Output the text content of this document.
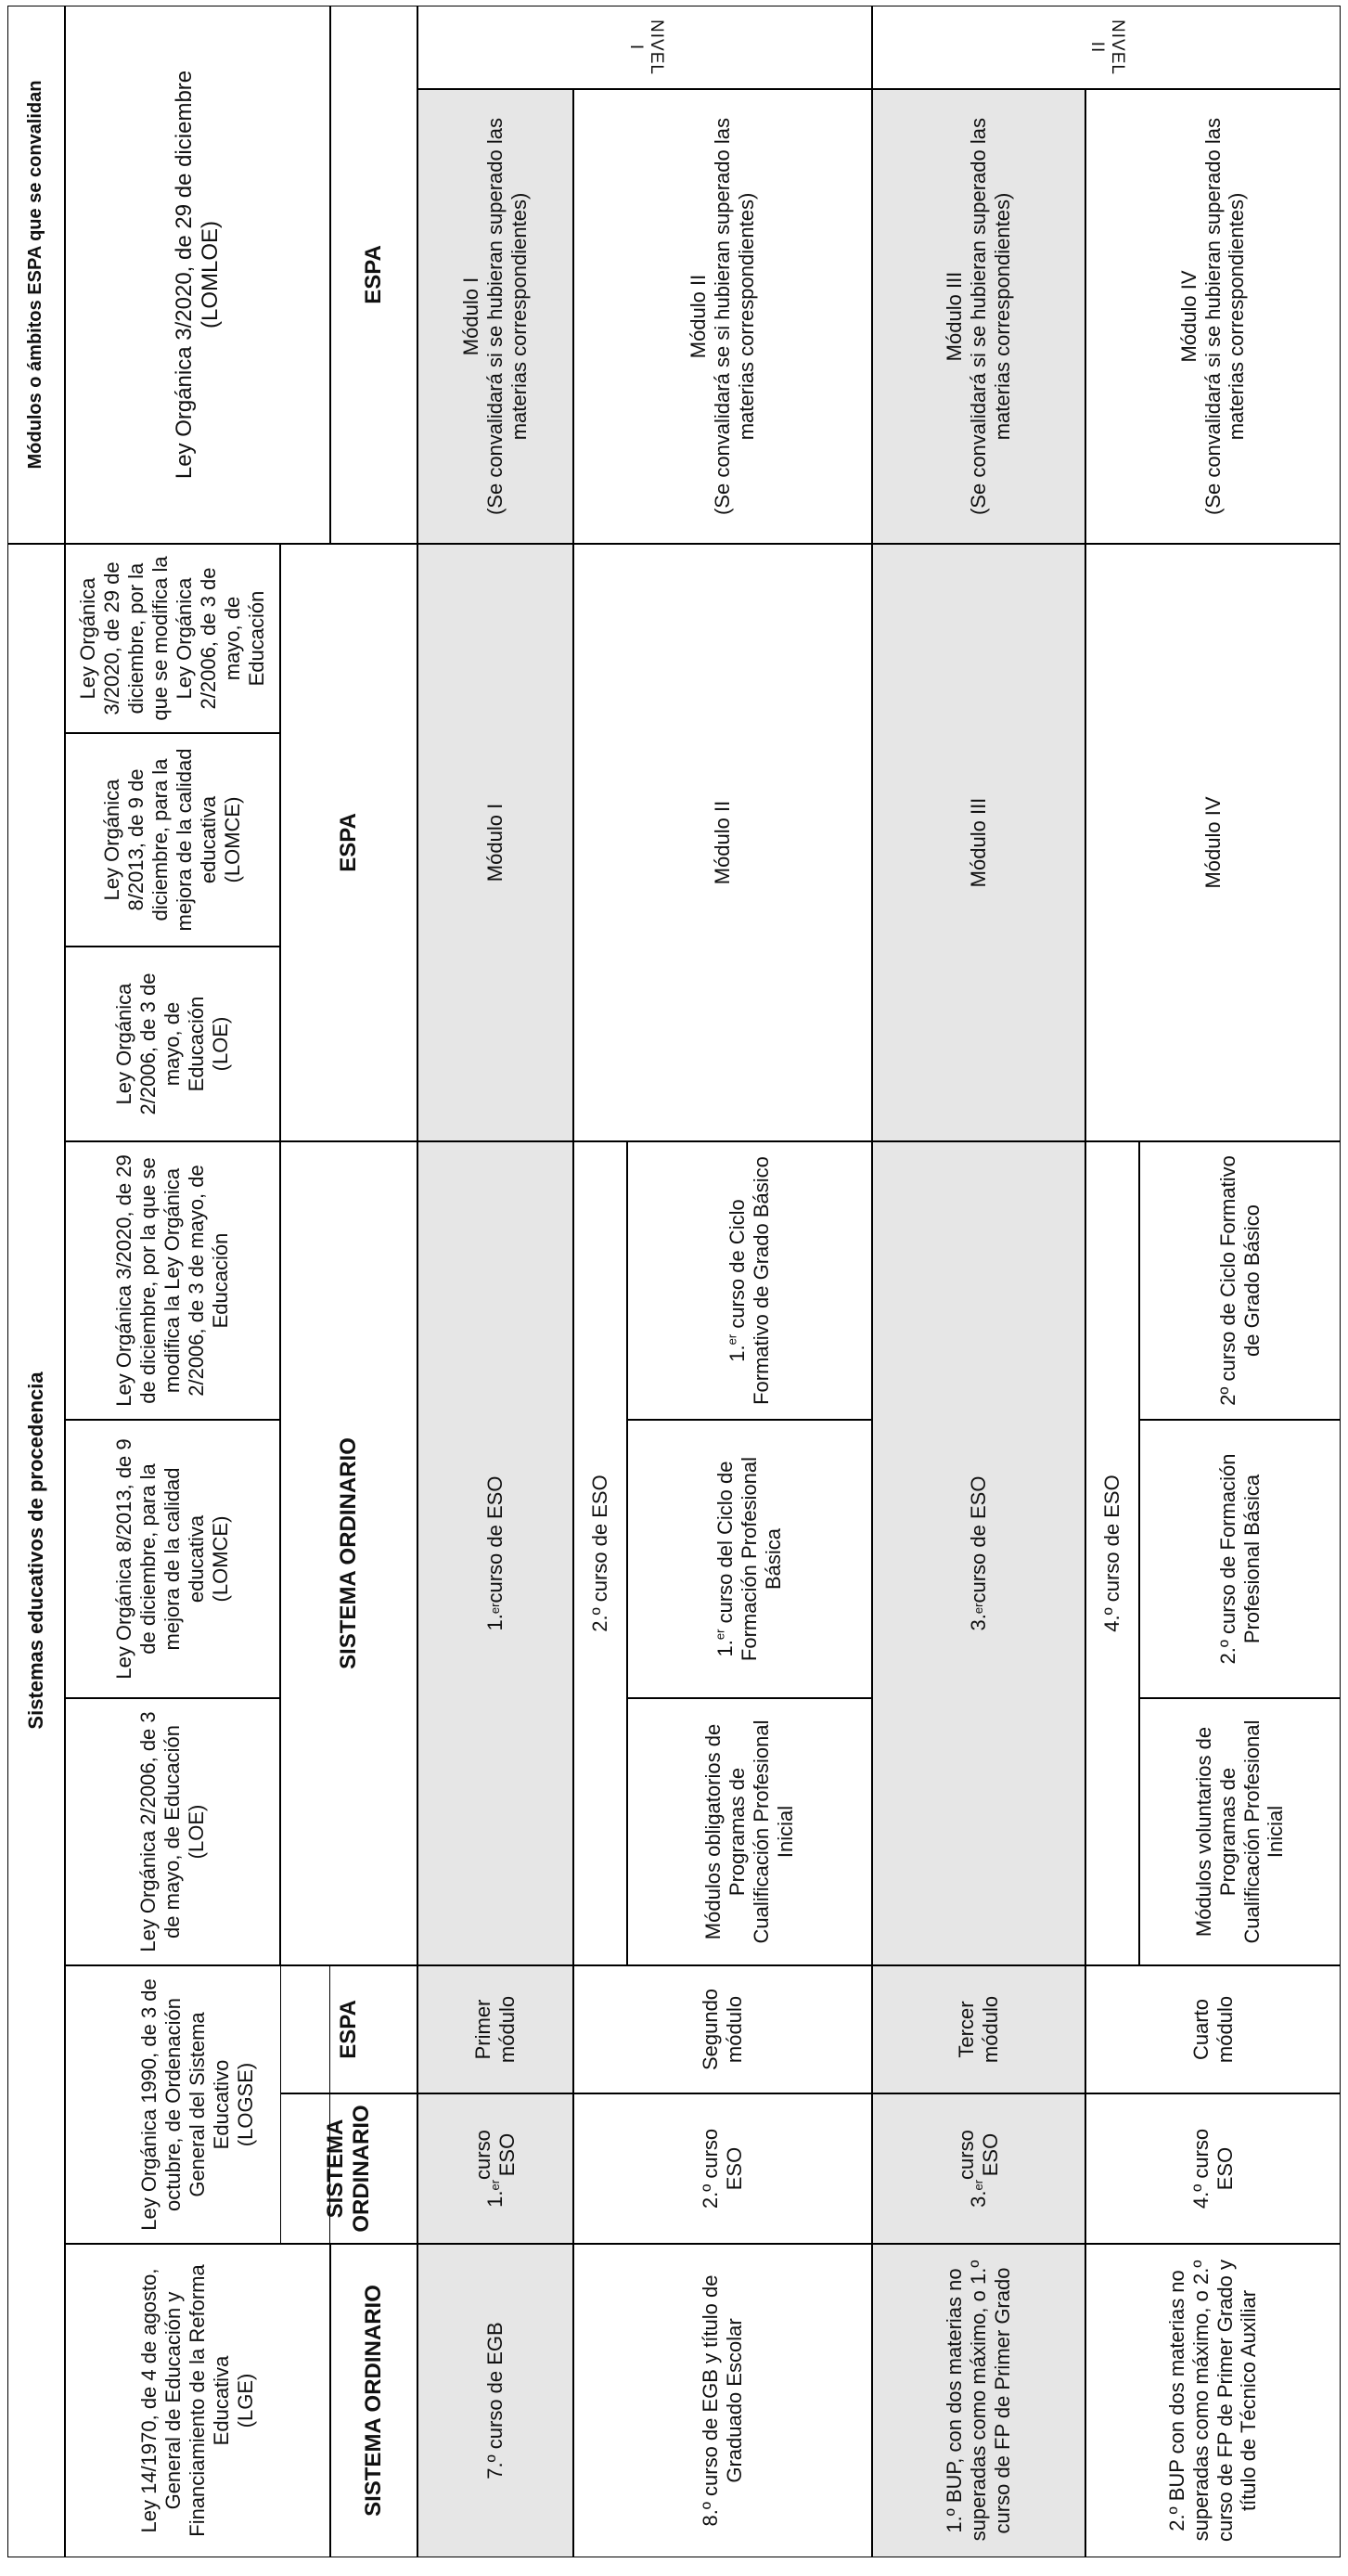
Sistemas educativos de procedencia
Módulos o ámbitos ESPA que se convalidan
Ley 14/1970, de 4 de agosto, General de Educación y Financiamiento de la Reforma Educativa
(LGE)
Ley Orgánica 1990, de 3 de octubre, de Ordenación General del Sistema Educativo
(LOGSE)
Ley Orgánica 2/2006, de 3 de mayo, de Educación
(LOE)
Ley Orgánica 8/2013, de 9 de diciembre, para la mejora de la calidad educativa
(LOMCE)
Ley Orgánica 3/2020, de 29 de diciembre, por la que se modifica la Ley Orgánica 2/2006, de 3 de mayo, de Educación
Ley Orgánica 2/2006, de 3 de mayo, de Educación
(LOE)
Ley Orgánica 8/2013, de 9 de diciembre, para la mejora de la calidad educativa
(LOMCE)
Ley Orgánica 3/2020, de 29 de diciembre, por la que se modifica la Ley Orgánica 2/2006, de 3 de mayo, de Educación
Ley Orgánica 3/2020, de 29 de diciembre
(LOMLOE)
SISTEMA ORDINARIO
SISTEMA ORDINARIO
ESPA
SISTEMA ORDINARIO
ESPA
ESPA
7.º curso de EGB
1.
er
curso
ESO
Primer
módulo
1.
er
curso de ESO
Módulo I
Módulo I
(Se convalidará si se hubieran superado las materias correspondientes)
8.º curso de EGB y título de Graduado Escolar
2.º curso
ESO
Segundo
módulo
2.º curso de ESO
Módulos obligatorios de Programas de Cualificación Profesional Inicial
1.$^{er}$ curso del Ciclo de Formación Profesional Básica
1.$^{er}$ curso de Ciclo Formativo de Grado Básico
Módulo II
Módulo II
(Se convalidará se si hubieran superado las materias correspondientes)
1.º BUP, con dos materias no superadas como máximo, o 1.º curso de FP de Primer Grado
3.
er
curso
ESO
Tercer
módulo
3.
er
curso de ESO
Módulo III
Módulo III
(Se convalidará si se hubieran superado las materias correspondientes)
2.º BUP con dos materias no superadas como máximo, o 2.º curso de FP de Primer Grado y título de Técnico Auxiliar
4.º curso
ESO
Cuarto
módulo
4.º curso de ESO
Módulos voluntarios de Programas de Cualificación Profesional Inicial
2.º curso de Formación Profesional Básica
2º curso de Ciclo Formativo de Grado Básico
Módulo IV
Módulo IV
(Se convalidará si se hubieran superado las materias correspondientes)
NIVEL I	NIVEL II
